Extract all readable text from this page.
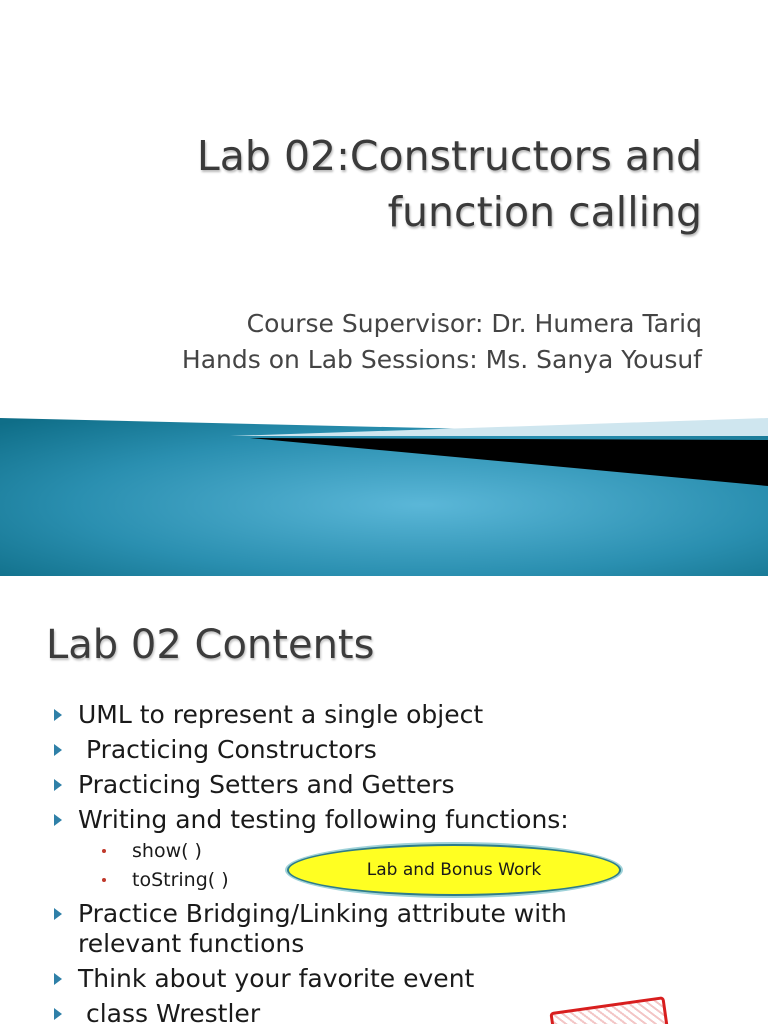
Lab 02:Constructors and
function calling
Course Supervisor: Dr. Humera Tariq
Hands on Lab Sessions: Ms. Sanya Yousuf
Lab 02 Contents
UML to represent a single object
Practicing Constructors
Practicing Setters and Getters
Writing and testing following functions:
show( )
toString( )
Practice Bridging/Linking attribute with relevant functions
Think about your favorite event
class Wrestler
Lab and Bonus Work
